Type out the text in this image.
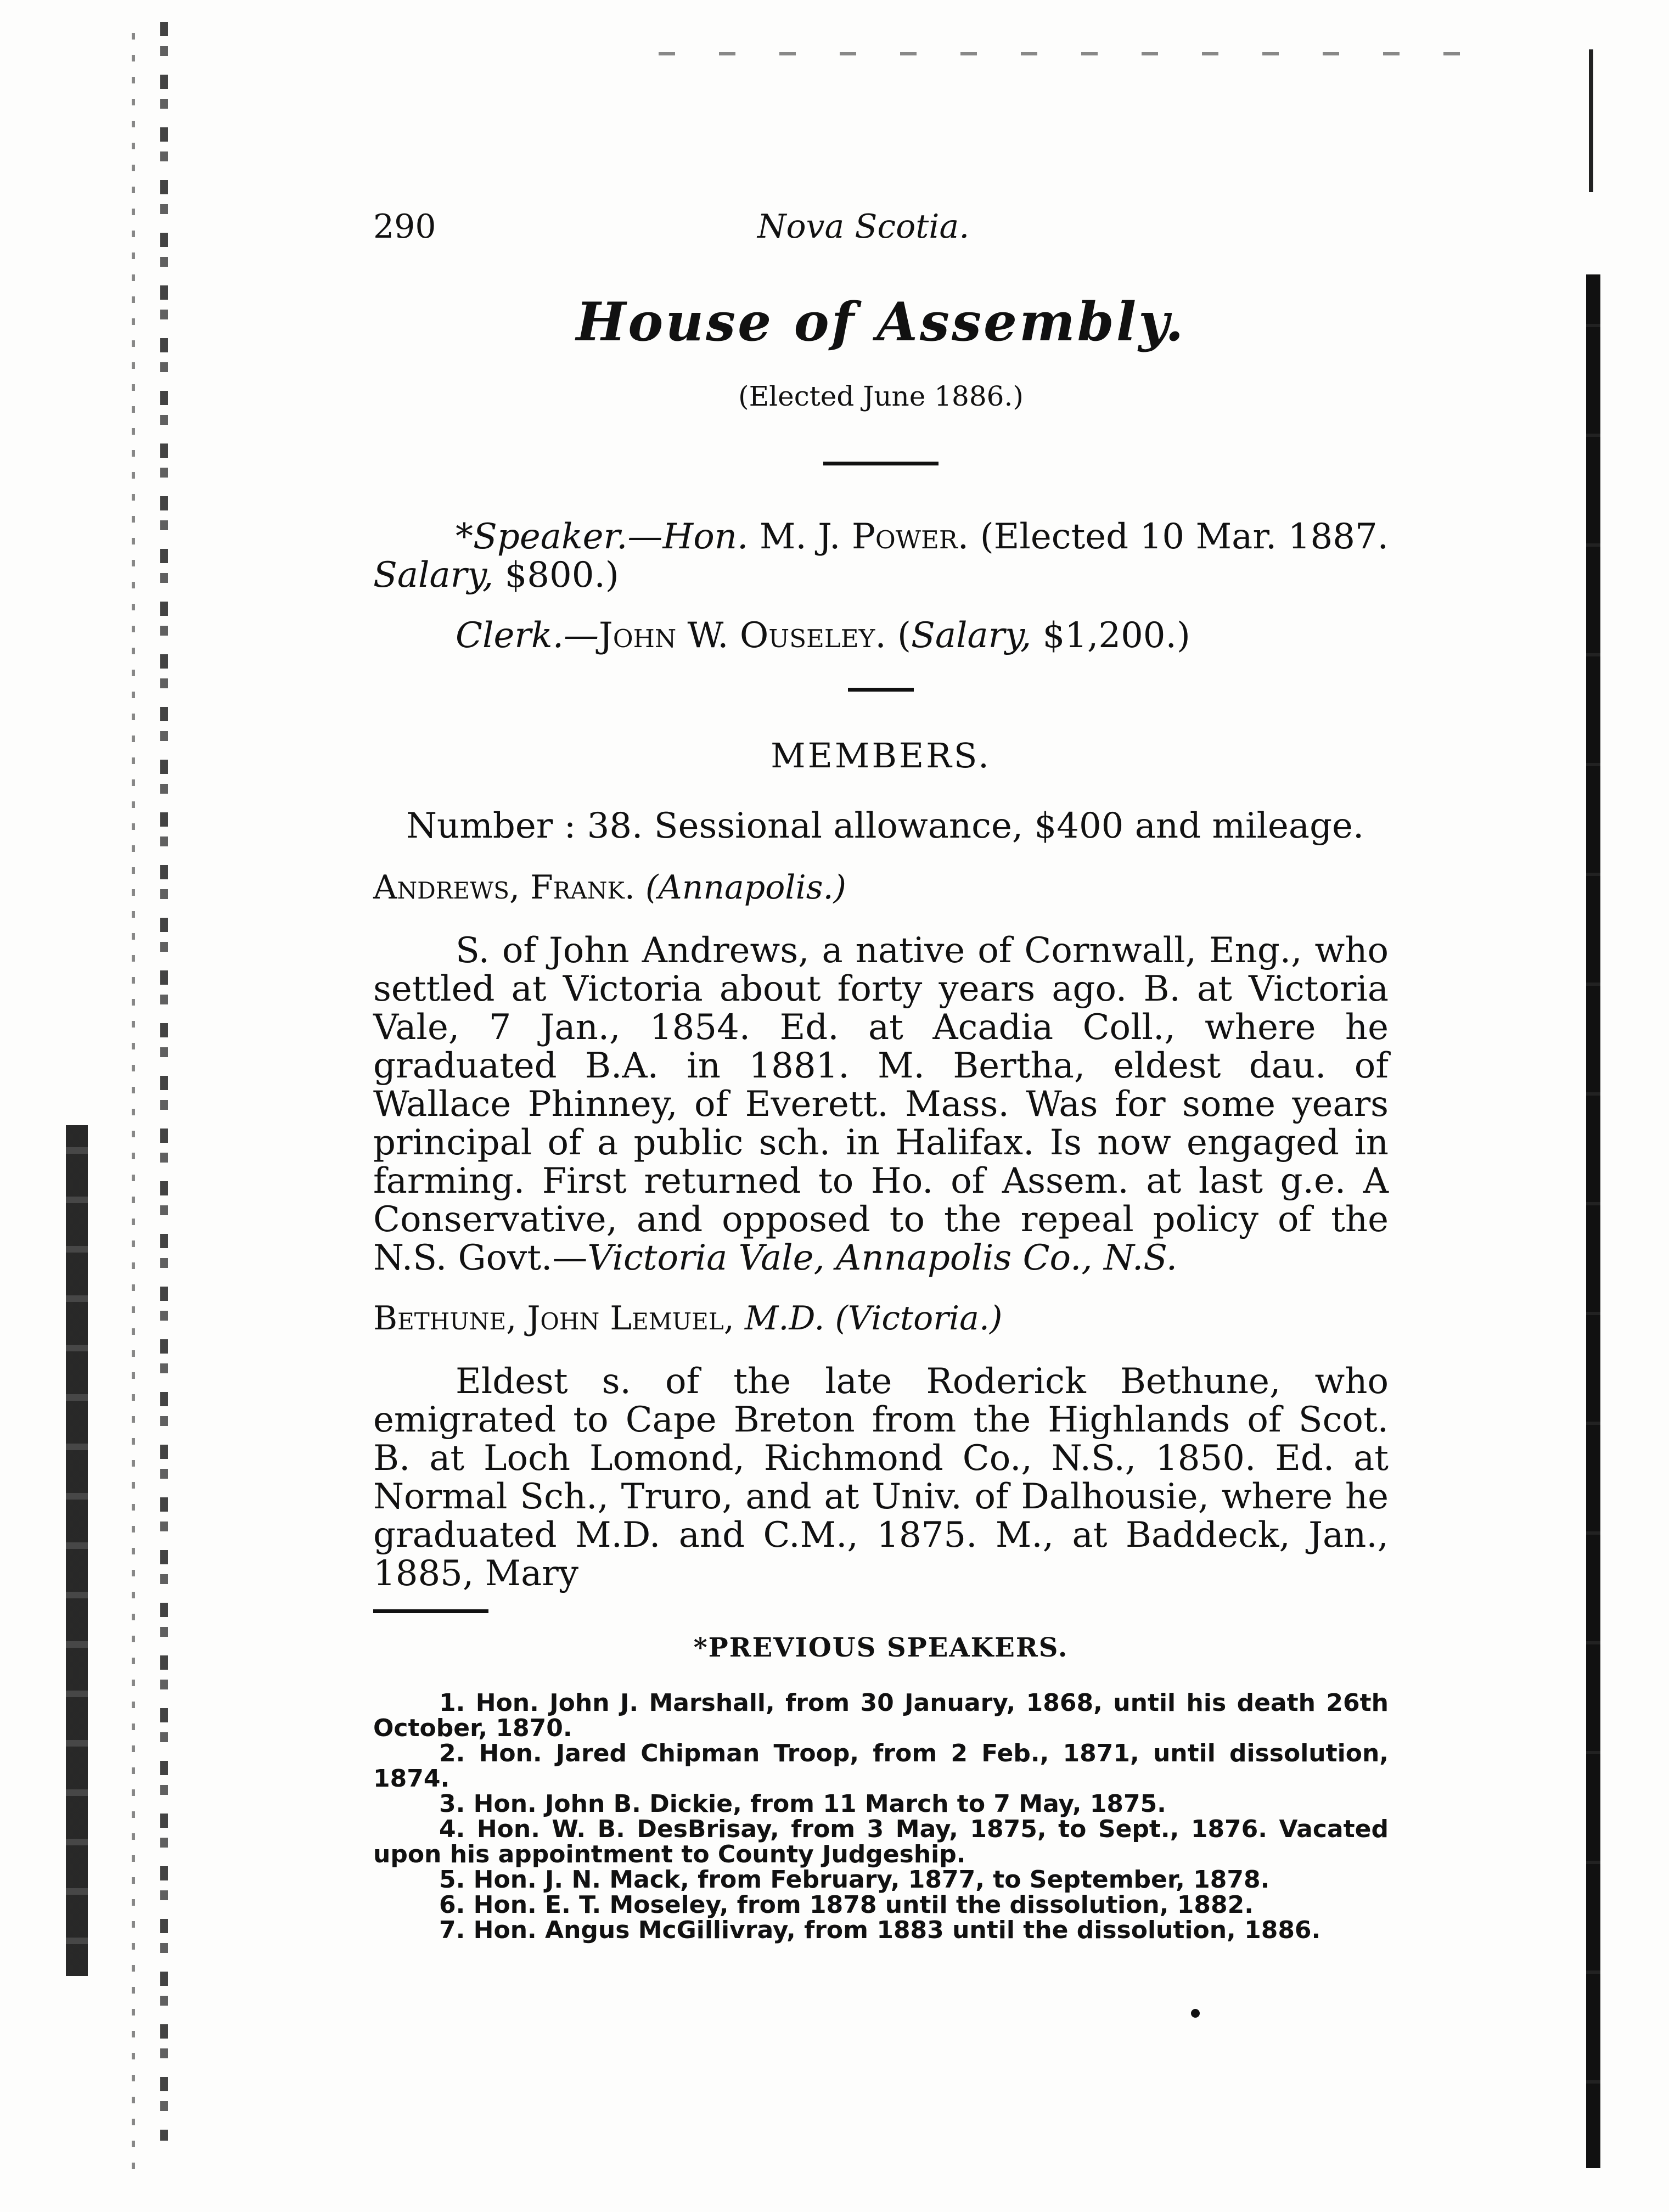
290	Nova Scotia.
House of Assembly.
(Elected June 1886.)

*Speaker.—Hon. M. J. Power. (Elected 10 Mar. 1887. Salary, $800.)

Clerk.—John W. Ouseley. (Salary, $1,200.)

MEMBERS.
Number : 38. Sessional allowance, $400 and mileage.
Andrews, Frank. (Annapolis.)

S. of John Andrews, a native of Cornwall, Eng., who settled at Victoria about forty years ago. B. at Victoria Vale, 7 Jan., 1854. Ed. at Acadia Coll., where he graduated B.A. in 1881. M. Bertha, eldest dau. of Wallace Phinney, of Everett. Mass. Was for some years principal of a public sch. in Halifax. Is now engaged in farming. First returned to Ho. of Assem. at last g.e. A Conservative, and opposed to the repeal policy of the N.S. Govt.—Victoria Vale, Annapolis Co., N.S.

Bethune, John Lemuel, M.D. (Victoria.)

Eldest s. of the late Roderick Bethune, who emigrated to Cape Breton from the Highlands of Scot. B. at Loch Lomond, Richmond Co., N.S., 1850. Ed. at Normal Sch., Truro, and at Univ. of Dalhousie, where he graduated M.D. and C.M., 1875. M., at Baddeck, Jan., 1885, Mary

*PREVIOUS SPEAKERS.

1. Hon. John J. Marshall, from 30 January, 1868, until his death 26th October, 1870.

2. Hon. Jared Chipman Troop, from 2 Feb., 1871, until dissolution, 1874.

3. Hon. John B. Dickie, from 11 March to 7 May, 1875.

4. Hon. W. B. DesBrisay, from 3 May, 1875, to Sept., 1876. Vacated upon his appointment to County Judgeship.

5. Hon. J. N. Mack, from February, 1877, to September, 1878.

6. Hon. E. T. Moseley, from 1878 until the dissolution, 1882.

7. Hon. Angus McGillivray, from 1883 until the dissolution, 1886.
